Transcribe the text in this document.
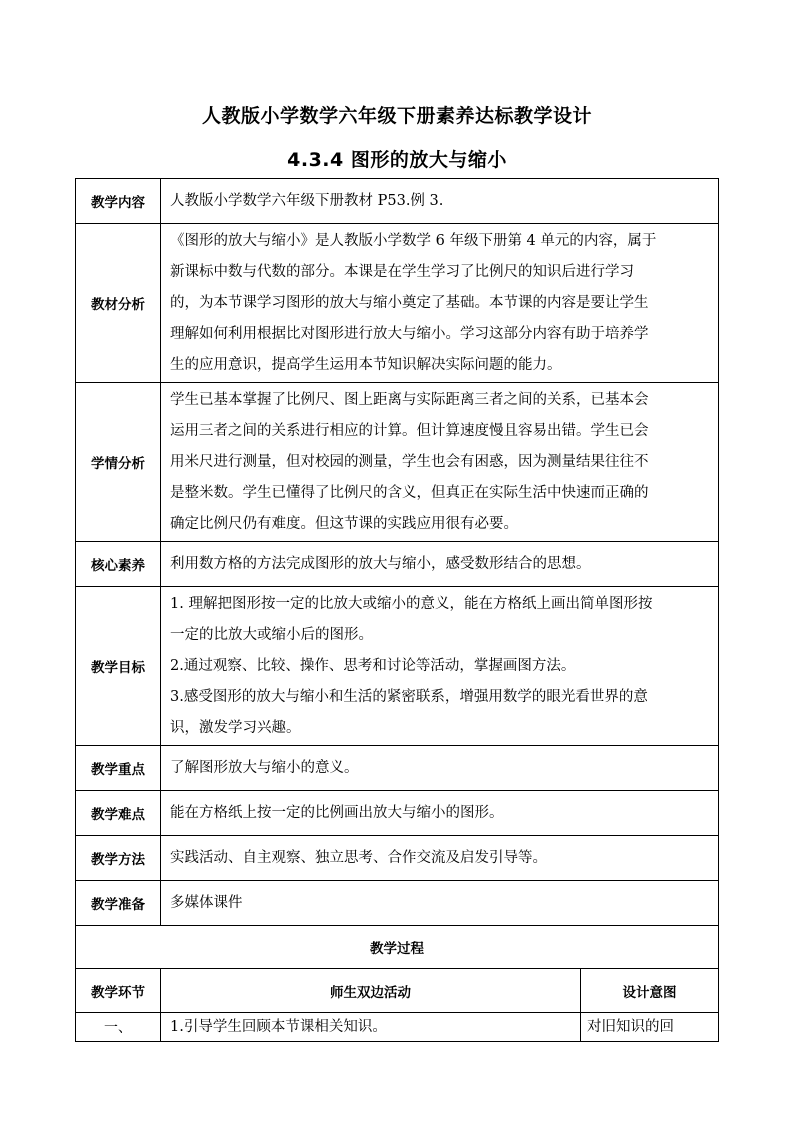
人教版小学数学六年级下册素养达标教学设计
4.3.4 图形的放大与缩小
教学内容	人教版小学数学六年级下册教材 P53.例 3.	

教材分析	《图形的放大与缩小》是人教版小学数学 6 年级下册第 4 单元的内容，属于
新课标中数与代数的部分。本课是在学生学习了比例尺的知识后进行学习
的，为本节课学习图形的放大与缩小奠定了基础。本节课的内容是要让学生
理解如何利用根据比对图形进行放大与缩小。学习这部分内容有助于培养学
生的应用意识，提高学生运用本节知识解决实际问题的能力。	

学情分析	学生已基本掌握了比例尺、图上距离与实际距离三者之间的关系，已基本会
运用三者之间的关系进行相应的计算。但计算速度慢且容易出错。学生已会
用米尺进行测量，但对校园的测量，学生也会有困惑，因为测量结果往往不
是整米数。学生已懂得了比例尺的含义，但真正在实际生活中快速而正确的
确定比例尺仍有难度。但这节课的实践应用很有必要。	

核心素养	利用数方格的方法完成图形的放大与缩小，感受数形结合的思想。	

教学目标	1. 理解把图形按一定的比放大或缩小的意义，能在方格纸上画出简单图形按
一定的比放大或缩小后的图形。
2.通过观察、比较、操作、思考和讨论等活动，掌握画图方法。
3.感受图形的放大与缩小和生活的紧密联系，增强用数学的眼光看世界的意
识，激发学习兴趣。	

教学重点	了解图形放大与缩小的意义。	

教学难点	能在方格纸上按一定的比例画出放大与缩小的图形。	

教学方法	实践活动、自主观察、独立思考、合作交流及启发引导等。	

教学准备	多媒体课件	

教学过程		
教学环节	师生双边活动	设计意图
一、	1.引导学生回顾本节课相关知识。	对旧知识的回
